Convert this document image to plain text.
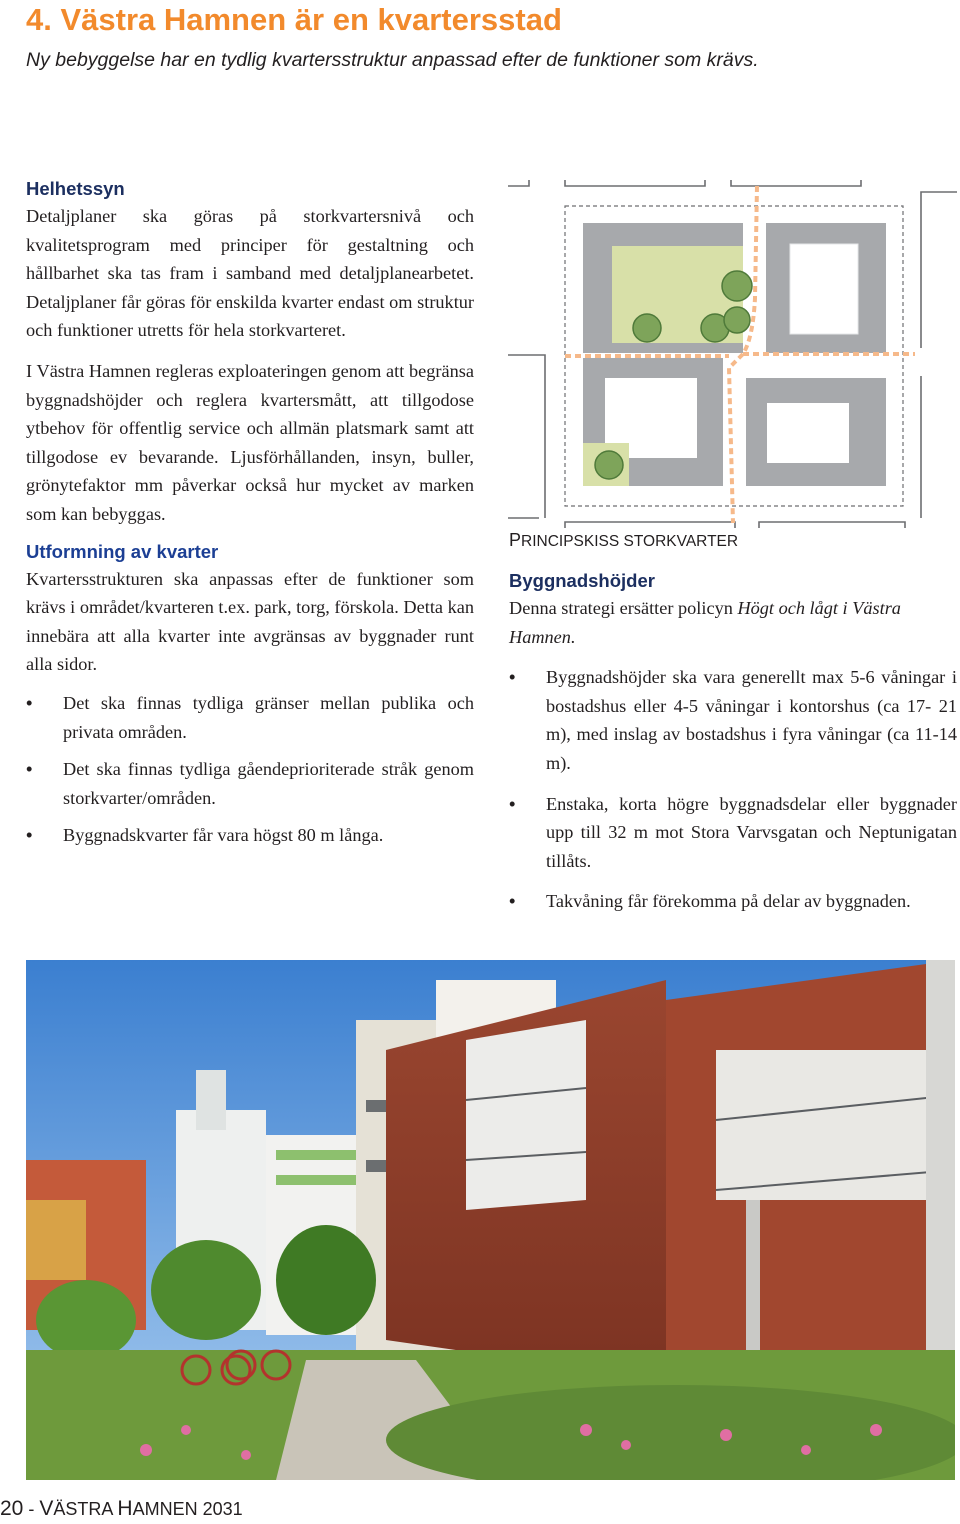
4. Västra Hamnen är en kvartersstad
Ny bebyggelse har en tydlig kvartersstruktur anpassad efter de funktioner som krävs.
Helhetssyn

Detaljplaner ska göras på storkvartersnivå och kvalitetsprogram med principer för gestaltning och hållbarhet ska tas fram i samband med detaljplanearbetet. Detaljplaner får göras för enskilda kvarter endast om struktur och funktioner utretts för hela storkvarteret.

I Västra Hamnen regleras exploateringen genom att begränsa byggnadshöjder och reglera kvartersmått, att tillgodose ytbehov för offentlig service och allmän platsmark samt att tillgodose ev bevarande. Ljusförhållanden, insyn, buller, grönytefaktor mm påverkar också hur mycket av marken som kan bebyggas.

Utformning av kvarter

Kvartersstrukturen ska anpassas efter de funktioner som krävs i området/kvarteren t.ex. park, torg, förskola. Detta kan innebära att alla kvarter inte avgränsas av byggnader runt alla sidor.

• Det ska finnas tydliga gränser mellan publika och privata områden.
• Det ska finnas tydliga gåendeprioriterade stråk genom storkvarter/områden.
• Byggnadskvarter får vara högst 80 m långa.
PRINCIPSKISS STORKVARTER
Byggnadshöjder

Denna strategi ersätter policyn Högt och lågt i Västra Hamnen.

• Byggnadshöjder ska vara generellt max 5-6 våningar i bostadshus eller 4-5 våningar i kontorshus (ca 17- 21 m), med inslag av bostadshus i fyra våningar (ca 11-14 m).
• Enstaka, korta högre byggnadsdelar eller byggnader upp till 32 m mot Stora Varvsgatan och Neptunigatan tillåts.
• Takvåning får förekomma på delar av byggnaden.
20 - VÄSTRA HAMNEN 2031
